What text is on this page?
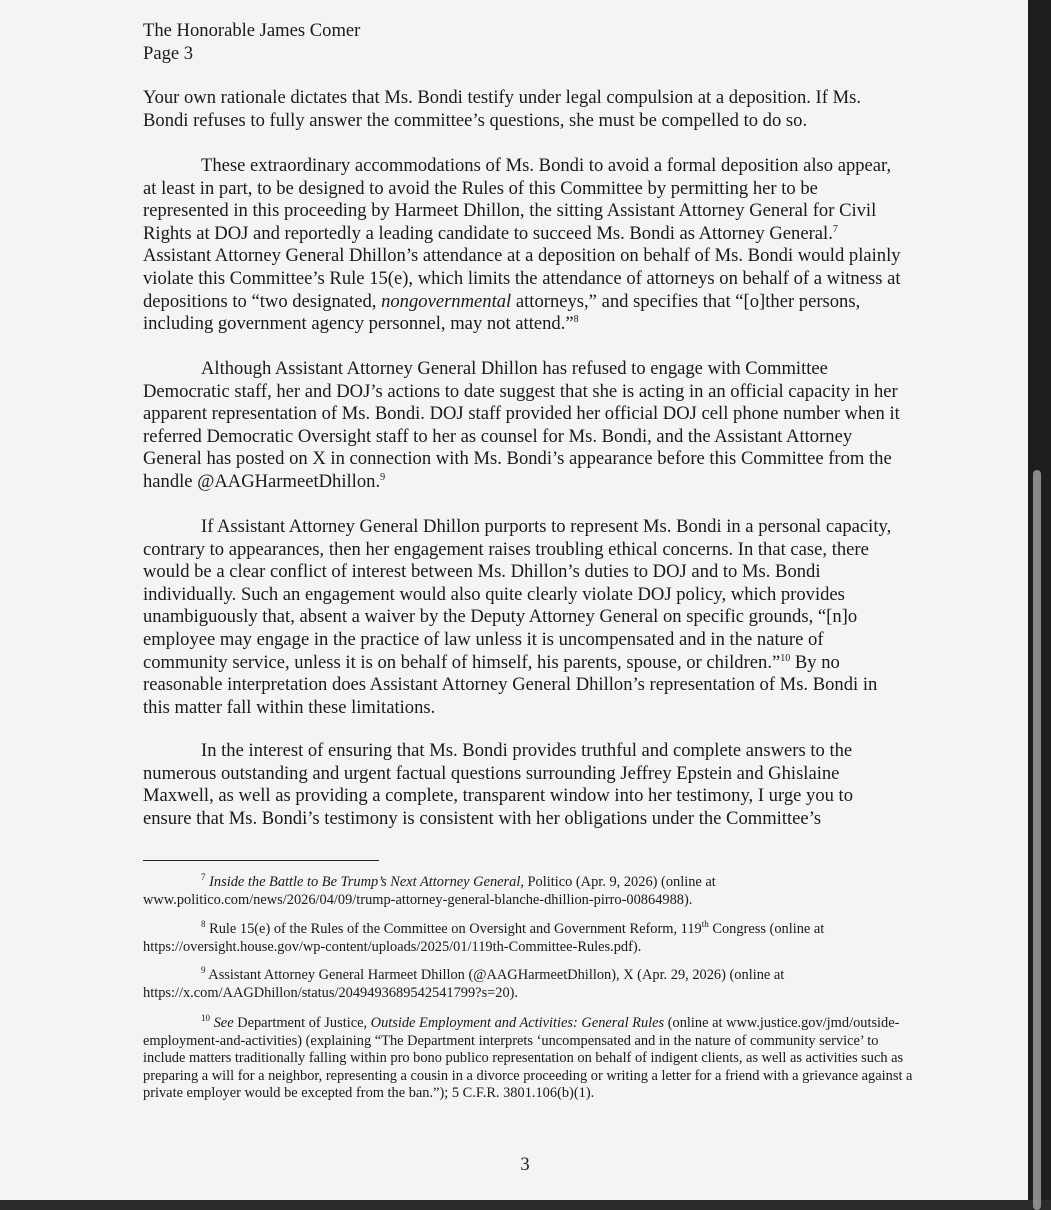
The Honorable James Comer
Page 3

Your own rationale dictates that Ms. Bondi testify under legal compulsion at a deposition. If Ms. Bondi refuses to fully answer the committee’s questions, she must be compelled to do so.

These extraordinary accommodations of Ms. Bondi to avoid a formal deposition also appear, at least in part, to be designed to avoid the Rules of this Committee by permitting her to be represented in this proceeding by Harmeet Dhillon, the sitting Assistant Attorney General for Civil Rights at DOJ and reportedly a leading candidate to succeed Ms. Bondi as Attorney General.$^7$ Assistant Attorney General Dhillon’s attendance at a deposition on behalf of Ms. Bondi would plainly violate this Committee’s Rule 15(e), which limits the attendance of attorneys on behalf of a witness at depositions to “two designated, nongovernmental attorneys,” and specifies that “[o]ther persons, including government agency personnel, may not attend.”$^8$

Although Assistant Attorney General Dhillon has refused to engage with Committee Democratic staff, her and DOJ’s actions to date suggest that she is acting in an official capacity in her apparent representation of Ms. Bondi. DOJ staff provided her official DOJ cell phone number when it referred Democratic Oversight staff to her as counsel for Ms. Bondi, and the Assistant Attorney General has posted on X in connection with Ms. Bondi’s appearance before this Committee from the handle @AAGHarmeetDhillon.$^9$

If Assistant Attorney General Dhillon purports to represent Ms. Bondi in a personal capacity, contrary to appearances, then her engagement raises troubling ethical concerns. In that case, there would be a clear conflict of interest between Ms. Dhillon’s duties to DOJ and to Ms. Bondi individually. Such an engagement would also quite clearly violate DOJ policy, which provides unambiguously that, absent a waiver by the Deputy Attorney General on specific grounds, “[n]o employee may engage in the practice of law unless it is uncompensated and in the nature of community service, unless it is on behalf of himself, his parents, spouse, or children.”$^{10}$ By no reasonable interpretation does Assistant Attorney General Dhillon’s representation of Ms. Bondi in this matter fall within these limitations.

In the interest of ensuring that Ms. Bondi provides truthful and complete answers to the numerous outstanding and urgent factual questions surrounding Jeffrey Epstein and Ghislaine Maxwell, as well as providing a complete, transparent window into her testimony, I urge you to ensure that Ms. Bondi’s testimony is consistent with her obligations under the Committee’s

$^7$ Inside the Battle to Be Trump’s Next Attorney General, Politico (Apr. 9, 2026) (online at www.politico.com/news/2026/04/09/trump-attorney-general-blanche-dhillion-pirro-00864988).

$^8$ Rule 15(e) of the Rules of the Committee on Oversight and Government Reform, 119th Congress (online at https://oversight.house.gov/wp-content/uploads/2025/01/119th-Committee-Rules.pdf).

$^9$ Assistant Attorney General Harmeet Dhillon (@AAGHarmeetDhillon), X (Apr. 29, 2026) (online at https://x.com/AAGDhillon/status/2049493689542541799?s=20).

$^{10}$ See Department of Justice, Outside Employment and Activities: General Rules (online at www.justice.gov/jmd/outside-employment-and-activities) (explaining “The Department interprets ‘uncompensated and in the nature of community service’ to include matters traditionally falling within pro bono publico representation on behalf of indigent clients, as well as activities such as preparing a will for a neighbor, representing a cousin in a divorce proceeding or writing a letter for a friend with a grievance against a private employer would be excepted from the ban.”); 5 C.F.R. 3801.106(b)(1).

3
